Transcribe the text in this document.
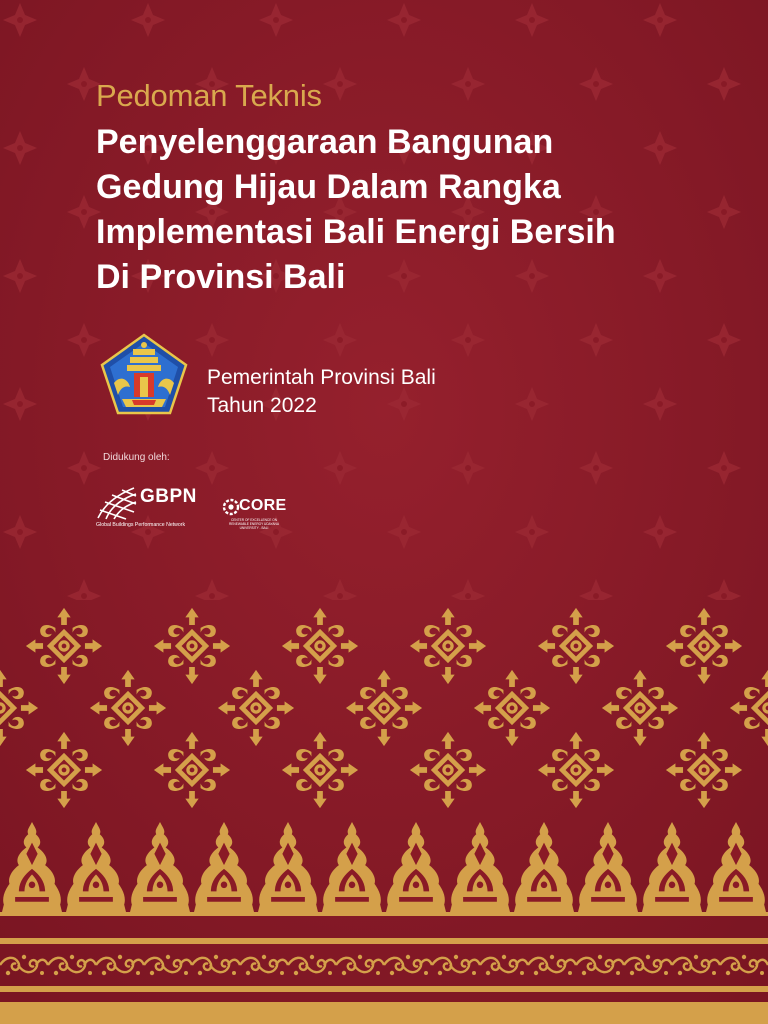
Pedoman Teknis
Penyelenggaraan Bangunan
Gedung Hijau Dalam Rangka
Implementasi Bali Energi Bersih
Di Provinsi Bali
Pemerintah Provinsi Bali
Tahun 2022
Didukung oleh:
GBPN
Global Buildings Performance Network
CORE
CENTER OF EXCELLENCE ON RENEWABLE ENERGY UDAYANA UNIVERSITY - BALI
